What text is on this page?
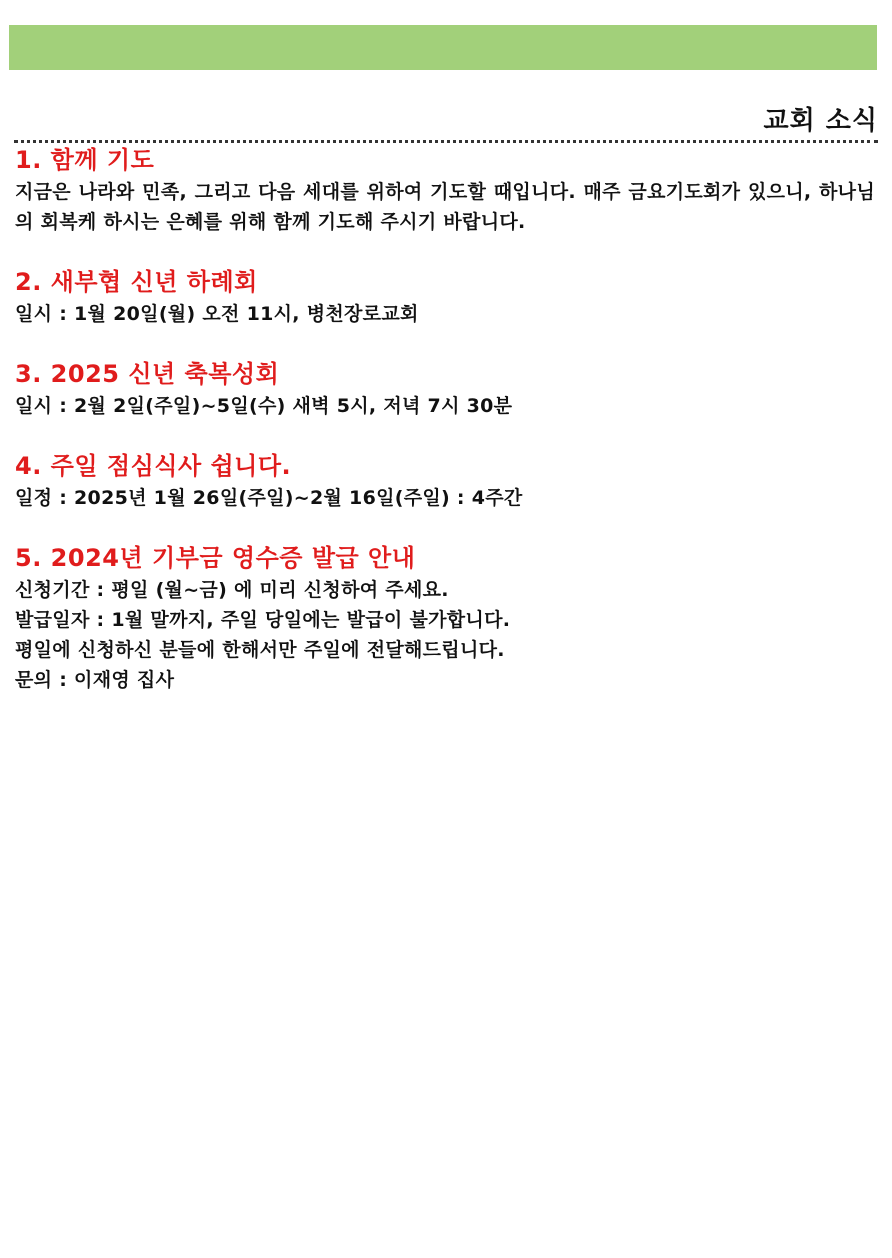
교회 소식

1. 함께 기도

지금은 나라와 민족, 그리고 다음 세대를 위하여 기도할 때입니다. 매주 금요기도회가 있으니, 하나님의 회복케 하시는 은혜를 위해 함께 기도해 주시기 바랍니다.

2. 새부협 신년 하례회

일시 : 1월 20일(월) 오전 11시, 병천장로교회

3. 2025 신년 축복성회

일시 : 2월 2일(주일)~5일(수) 새벽 5시, 저녁 7시 30분

4. 주일 점심식사 쉽니다.

일정 : 2025년 1월 26일(주일)~2월 16일(주일) : 4주간

5. 2024년 기부금 영수증 발급 안내

신청기간 : 평일 (월~금) 에 미리 신청하여 주세요.

발급일자 : 1월 말까지, 주일 당일에는 발급이 불가합니다.

평일에 신청하신 분들에 한해서만 주일에 전달해드립니다.

문의 : 이재영 집사
